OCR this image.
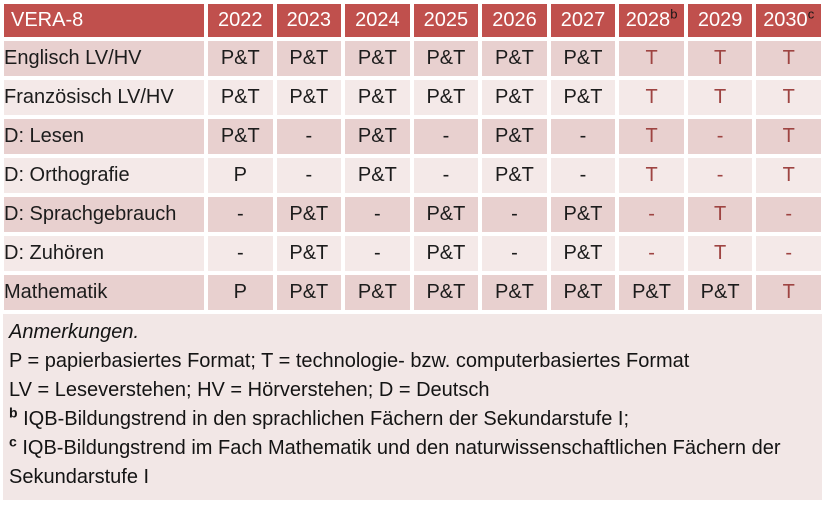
VERA-8	2022	2023	2024	2025	2026	2027	2028$^b$	2029	2030$^c$
Englisch LV/HV	P&T	P&T	P&T	P&T	P&T	P&T	T	T	T
Französisch LV/HV	P&T	P&T	P&T	P&T	P&T	P&T	T	T	T
D: Lesen	P&T	-	P&T	-	P&T	-	T	-	T
D: Orthografie	P	-	P&T	-	P&T	-	T	-	T
D: Sprachgebrauch	-	P&T	-	P&T	-	P&T	-	T	-
D: Zuhören	-	P&T	-	P&T	-	P&T	-	T	-
Mathematik	P	P&T	P&T	P&T	P&T	P&T	P&T	P&T	T
Anmerkungen.
P = papierbasiertes Format; T = technologie- bzw. computerbasiertes Format
LV = Leseverstehen; HV = Hörverstehen; D = Deutsch
$^b$ IQB-Bildungstrend in den sprachlichen Fächern der Sekundarstufe I;
$^c$ IQB-Bildungstrend im Fach Mathematik und den naturwissenschaftlichen Fächern der Sekundarstufe I
